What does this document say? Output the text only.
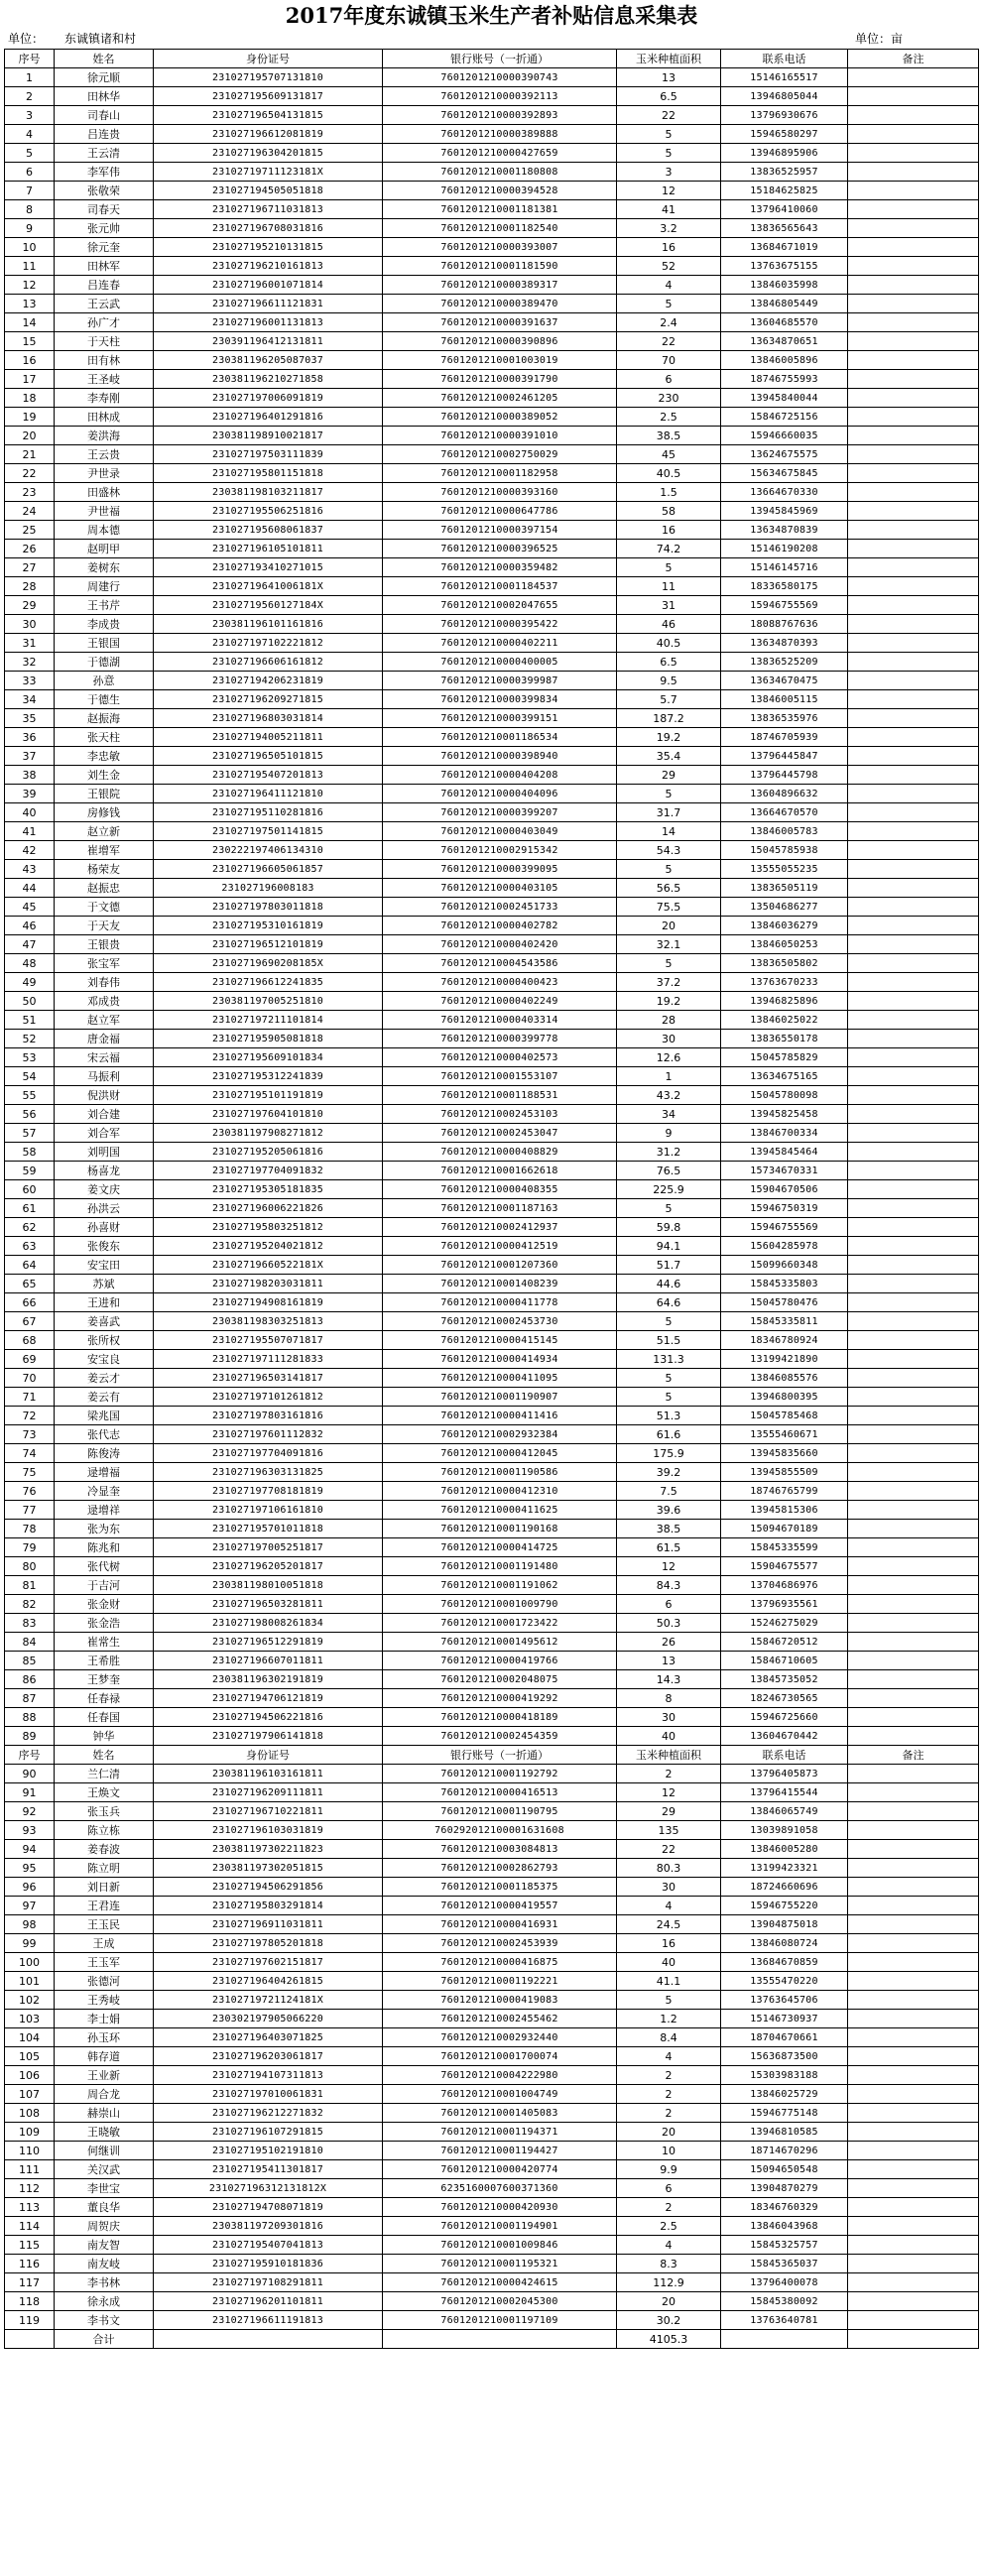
2017年度东诚镇玉米生产者补贴信息采集表
单位： 东诚镇诸和村	单位：亩
序号	姓名	身份证号	银行账号（一折通）	玉米种植面积	联系电话	备注
1	徐元顺	231027195707131810	7601201210000390743	13	15146165517	
2	田林华	231027195609131817	7601201210000392113	6.5	13946805044	
3	司春山	231027196504131815	7601201210000392893	22	13796930676	
4	吕连贵	231027196612081819	7601201210000389888	5	15946580297	
5	王云清	231027196304201815	7601201210000427659	5	13946895906	
6	李军伟	23102719711123181X	7601201210001180808	3	13836525957	
7	张敬荣	231027194505051818	7601201210000394528	12	15184625825	
8	司春天	231027196711031813	7601201210001181381	41	13796410060	
9	张元帅	231027196708031816	7601201210001182540	3.2	13836565643	
10	徐元奎	231027195210131815	7601201210000393007	16	13684671019	
11	田林军	231027196210161813	7601201210001181590	52	13763675155	
12	吕连春	231027196001071814	7601201210000389317	4	13846035998	
13	王云武	231027196611121831	7601201210000389470	5	13846805449	
14	孙广才	231027196001131813	7601201210000391637	2.4	13604685570	
15	于天柱	230391196412131811	7601201210000390896	22	13634870651	
16	田有林	230381196205087037	7601201210001003019	70	13846005896	
17	王圣岐	230381196210271858	7601201210000391790	6	18746755993	
18	李寿刚	231027197006091819	7601201210002461205	230	13945840044	
19	田林成	231027196401291816	7601201210000389052	2.5	15846725156	
20	姜洪海	230381198910021817	7601201210000391010	38.5	15946660035	
21	王云贵	231027197503111839	7601201210002750029	45	13624675575	
22	尹世录	231027195801151818	7601201210001182958	40.5	15634675845	
23	田盛林	230381198103211817	7601201210000393160	1.5	13664670330	
24	尹世福	231027195506251816	7601201210000647786	58	13945845969	
25	周本德	231027195608061837	7601201210000397154	16	13634870839	
26	赵明甲	231027196105101811	7601201210000396525	74.2	15146190208	
27	姜树东	231027193410271015	7601201210000359482	5	15146145716	
28	周建行	23102719641006181X	7601201210001184537	11	18336580175	
29	王书芹	23102719560127184X	7601201210002047655	31	15946755569	
30	李成贵	230381196101161816	7601201210000395422	46	18088767636	
31	王银国	231027197102221812	7601201210000402211	40.5	13634870393	
32	于德湖	231027196606161812	7601201210000400005	6.5	13836525209	
33	孙意	231027194206231819	7601201210000399987	9.5	13634670475	
34	于德生	231027196209271815	7601201210000399834	5.7	13846005115	
35	赵振海	231027196803031814	7601201210000399151	187.2	13836535976	
36	张天柱	231027194005211811	7601201210001186534	19.2	18746705939	
37	李忠敏	231027196505101815	7601201210000398940	35.4	13796445847	
38	刘生金	231027195407201813	7601201210000404208	29	13796445798	
39	王银院	231027196411121810	7601201210000404096	5	13604896632	
40	房修钱	231027195110281816	7601201210000399207	31.7	13664670570	
41	赵立新	231027197501141815	7601201210000403049	14	13846005783	
42	崔增军	230222197406134310	7601201210002915342	54.3	15045785938	
43	杨荣友	231027196605061857	7601201210000399095	5	13555055235	
44	赵振忠	231027196008183	7601201210000403105	56.5	13836505119	
45	于文德	231027197803011818	7601201210002451733	75.5	13504686277	
46	于天友	231027195310161819	7601201210000402782	20	13846036279	
47	王银贵	231027196512101819	7601201210000402420	32.1	13846050253	
48	张宝军	23102719690208185X	7601201210004543586	5	13836505802	
49	刘春伟	231027196612241835	7601201210000400423	37.2	13763670233	
50	邓成贵	230381197005251810	7601201210000402249	19.2	13946825896	
51	赵立军	231027197211101814	7601201210000403314	28	13846025022	
52	唐金福	231027195905081818	7601201210000399778	30	13836550178	
53	宋云福	231027195609101834	7601201210000402573	12.6	15045785829	
54	马振利	231027195312241839	7601201210001553107	1	13634675165	
55	倪洪财	231027195101191819	7601201210001188531	43.2	15045780098	
56	刘合建	231027197604101810	7601201210002453103	34	13945825458	
57	刘合军	230381197908271812	7601201210002453047	9	13846700334	
58	刘明国	231027195205061816	7601201210000408829	31.2	13945845464	
59	杨喜龙	231027197704091832	7601201210001662618	76.5	15734670331	
60	姜文庆	231027195305181835	7601201210000408355	225.9	15904670506	
61	孙洪云	231027196006221826	7601201210001187163	5	15946750319	
62	孙喜财	231027195803251812	7601201210002412937	59.8	15946755569	
63	张俊东	231027195204021812	7601201210000412519	94.1	15604285978	
64	安宝田	23102719660522181X	7601201210001207360	51.7	15099660348	
65	苏斌	231027198203031811	7601201210001408239	44.6	15845335803	
66	王进和	231027194908161819	7601201210000411778	64.6	15045780476	
67	姜喜武	230381198303251813	7601201210002453730	5	15845335811	
68	张所权	231027195507071817	7601201210000415145	51.5	18346780924	
69	安宝良	231027197111281833	7601201210000414934	131.3	13199421890	
70	姜云才	231027196503141817	7601201210000411095	5	13846085576	
71	姜云有	231027197101261812	7601201210001190907	5	13946800395	
72	梁兆国	231027197803161816	7601201210000411416	51.3	15045785468	
73	张代志	231027197601112832	7601201210002932384	61.6	13555460671	
74	陈俊涛	231027197704091816	7601201210000412045	175.9	13945835660	
75	逯增福	231027196303131825	7601201210001190586	39.2	13945855509	
76	冷显奎	231027197708181819	7601201210000412310	7.5	18746765799	
77	逯增祥	231027197106161810	7601201210000411625	39.6	13945815306	
78	张为东	231027195701011818	7601201210001190168	38.5	15094670189	
79	陈兆和	231027197005251817	7601201210000414725	61.5	15845335599	
80	张代树	231027196205201817	7601201210001191480	12	15904675577	
81	于吉河	230381198010051818	7601201210001191062	84.3	13704686976	
82	张金财	231027196503281811	7601201210001009790	6	13796935561	
83	张金浩	231027198008261834	7601201210001723422	50.3	15246275029	
84	崔常生	231027196512291819	7601201210001495612	26	15846720512	
85	王希胜	231027196607011811	7601201210000419766	13	15846710605	
86	王梦奎	230381196302191819	7601201210002048075	14.3	13845735052	
87	任春禄	231027194706121819	7601201210000419292	8	18246730565	
88	任春国	231027194506221816	7601201210000418189	30	15946725660	
89	钟华	231027197906141818	7601201210002454359	40	13604670442	
序号	姓名	身份证号	银行账号（一折通）	玉米种植面积	联系电话	备注
90	兰仁清	230381196103161811	7601201210001192792	2	13796405873	
91	王焕文	231027196209111811	7601201210000416513	12	13796415544	
92	张玉兵	231027196710221811	7601201210001190795	29	13846065749	
93	陈立栋	231027196103031819	760292012100001631608	135	13039891058	
94	姜春波	230381197302211823	7601201210003084813	22	13846005280	
95	陈立明	230381197302051815	7601201210002862793	80.3	13199423321	
96	刘日新	231027194506291856	7601201210001185375	30	18724660696	
97	王君连	231027195803291814	7601201210000419557	4	15946755220	
98	王玉民	231027196911031811	7601201210000416931	24.5	13904875018	
99	王成	231027197805201818	7601201210002453939	16	13846080724	
100	王玉军	231027197602151817	7601201210000416875	40	13684670859	
101	张德河	231027196404261815	7601201210001192221	41.1	13555470220	
102	王秀岐	23102719721124181X	7601201210000419083	5	13763645706	
103	李士娟	230302197905066220	7601201210002455462	1.2	15146730937	
104	孙玉环	231027196403071825	7601201210002932440	8.4	18704670661	
105	韩存道	231027196203061817	7601201210001700074	4	15636873500	
106	王业新	231027194107311813	7601201210004222980	2	15303983188	
107	周合龙	231027197010061831	7601201210001004749	2	13846025729	
108	赫崇山	231027196212271832	7601201210001405083	2	15946775148	
109	王晓敏	231027196107291815	7601201210001194371	20	13946810585	
110	何继训	231027195102191810	7601201210001194427	10	18714670296	
111	关汉武	231027195411301817	7601201210000420774	9.9	15094650548	
112	李世宝	231027196312131812X	6235160007600371360	6	13904870279	
113	董良华	231027194708071819	7601201210000420930	2	18346760329	
114	周贺庆	230381197209301816	7601201210001194901	2.5	13846043968	
115	南友智	231027195407041813	7601201210001009846	4	15845325757	
116	南友岐	231027195910181836	7601201210001195321	8.3	15845365037	
117	李书林	231027197108291811	7601201210000424615	112.9	13796400078	
118	徐永成	231027196201101811	7601201210002045300	20	15845380092	
119	李书文	231027196611191813	7601201210001197109	30.2	13763640781	
	合计			4105.3		
